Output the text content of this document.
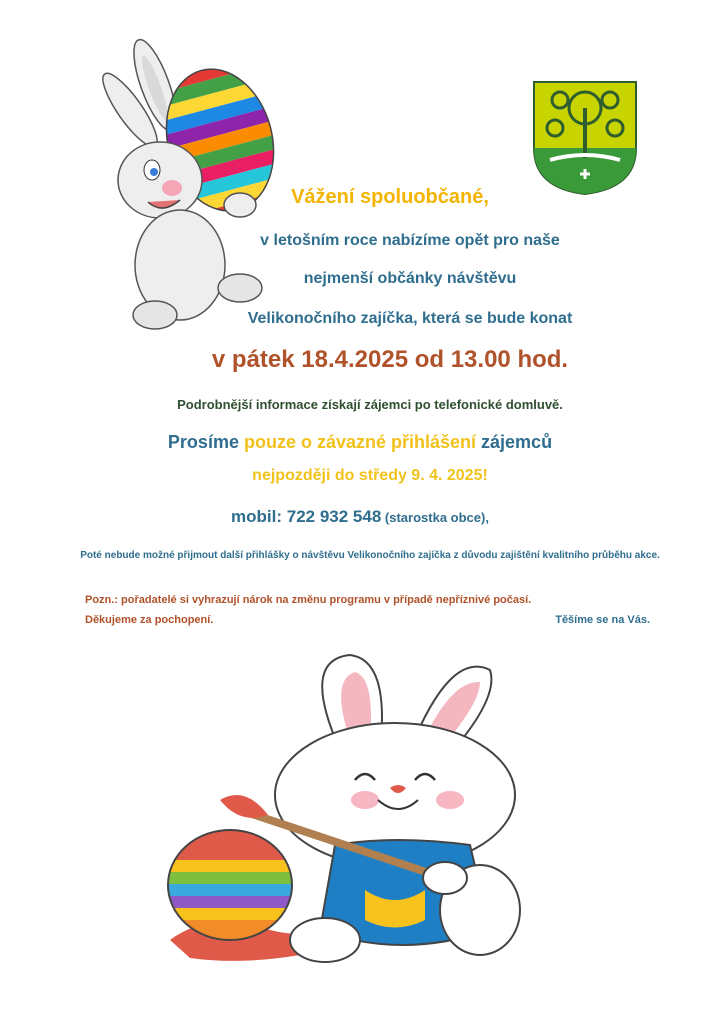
Vážení spoluobčané,
v letošním roce nabízíme opět pro naše
nejmenší občánky návštěvu
Velikonočního zajíčka, která se bude konat
v pátek 18.4.2025 od 13.00 hod.
Podrobnější informace získají zájemci po telefonické domluvě.
Prosíme pouze o závazné přihlášení zájemců
nejpozději do středy 9. 4. 2025!
mobil: 722 932 548 (starostka obce),
Poté nebude možné přijmout další přihlášky o návštěvu Velikonočního zajíčka z důvodu zajištění kvalitního průběhu akce.
Pozn.: pořadatelé si vyhrazují nárok na změnu programu v případě nepříznivé počasí.
Děkujeme za pochopení.	Těšíme se na Vás.
